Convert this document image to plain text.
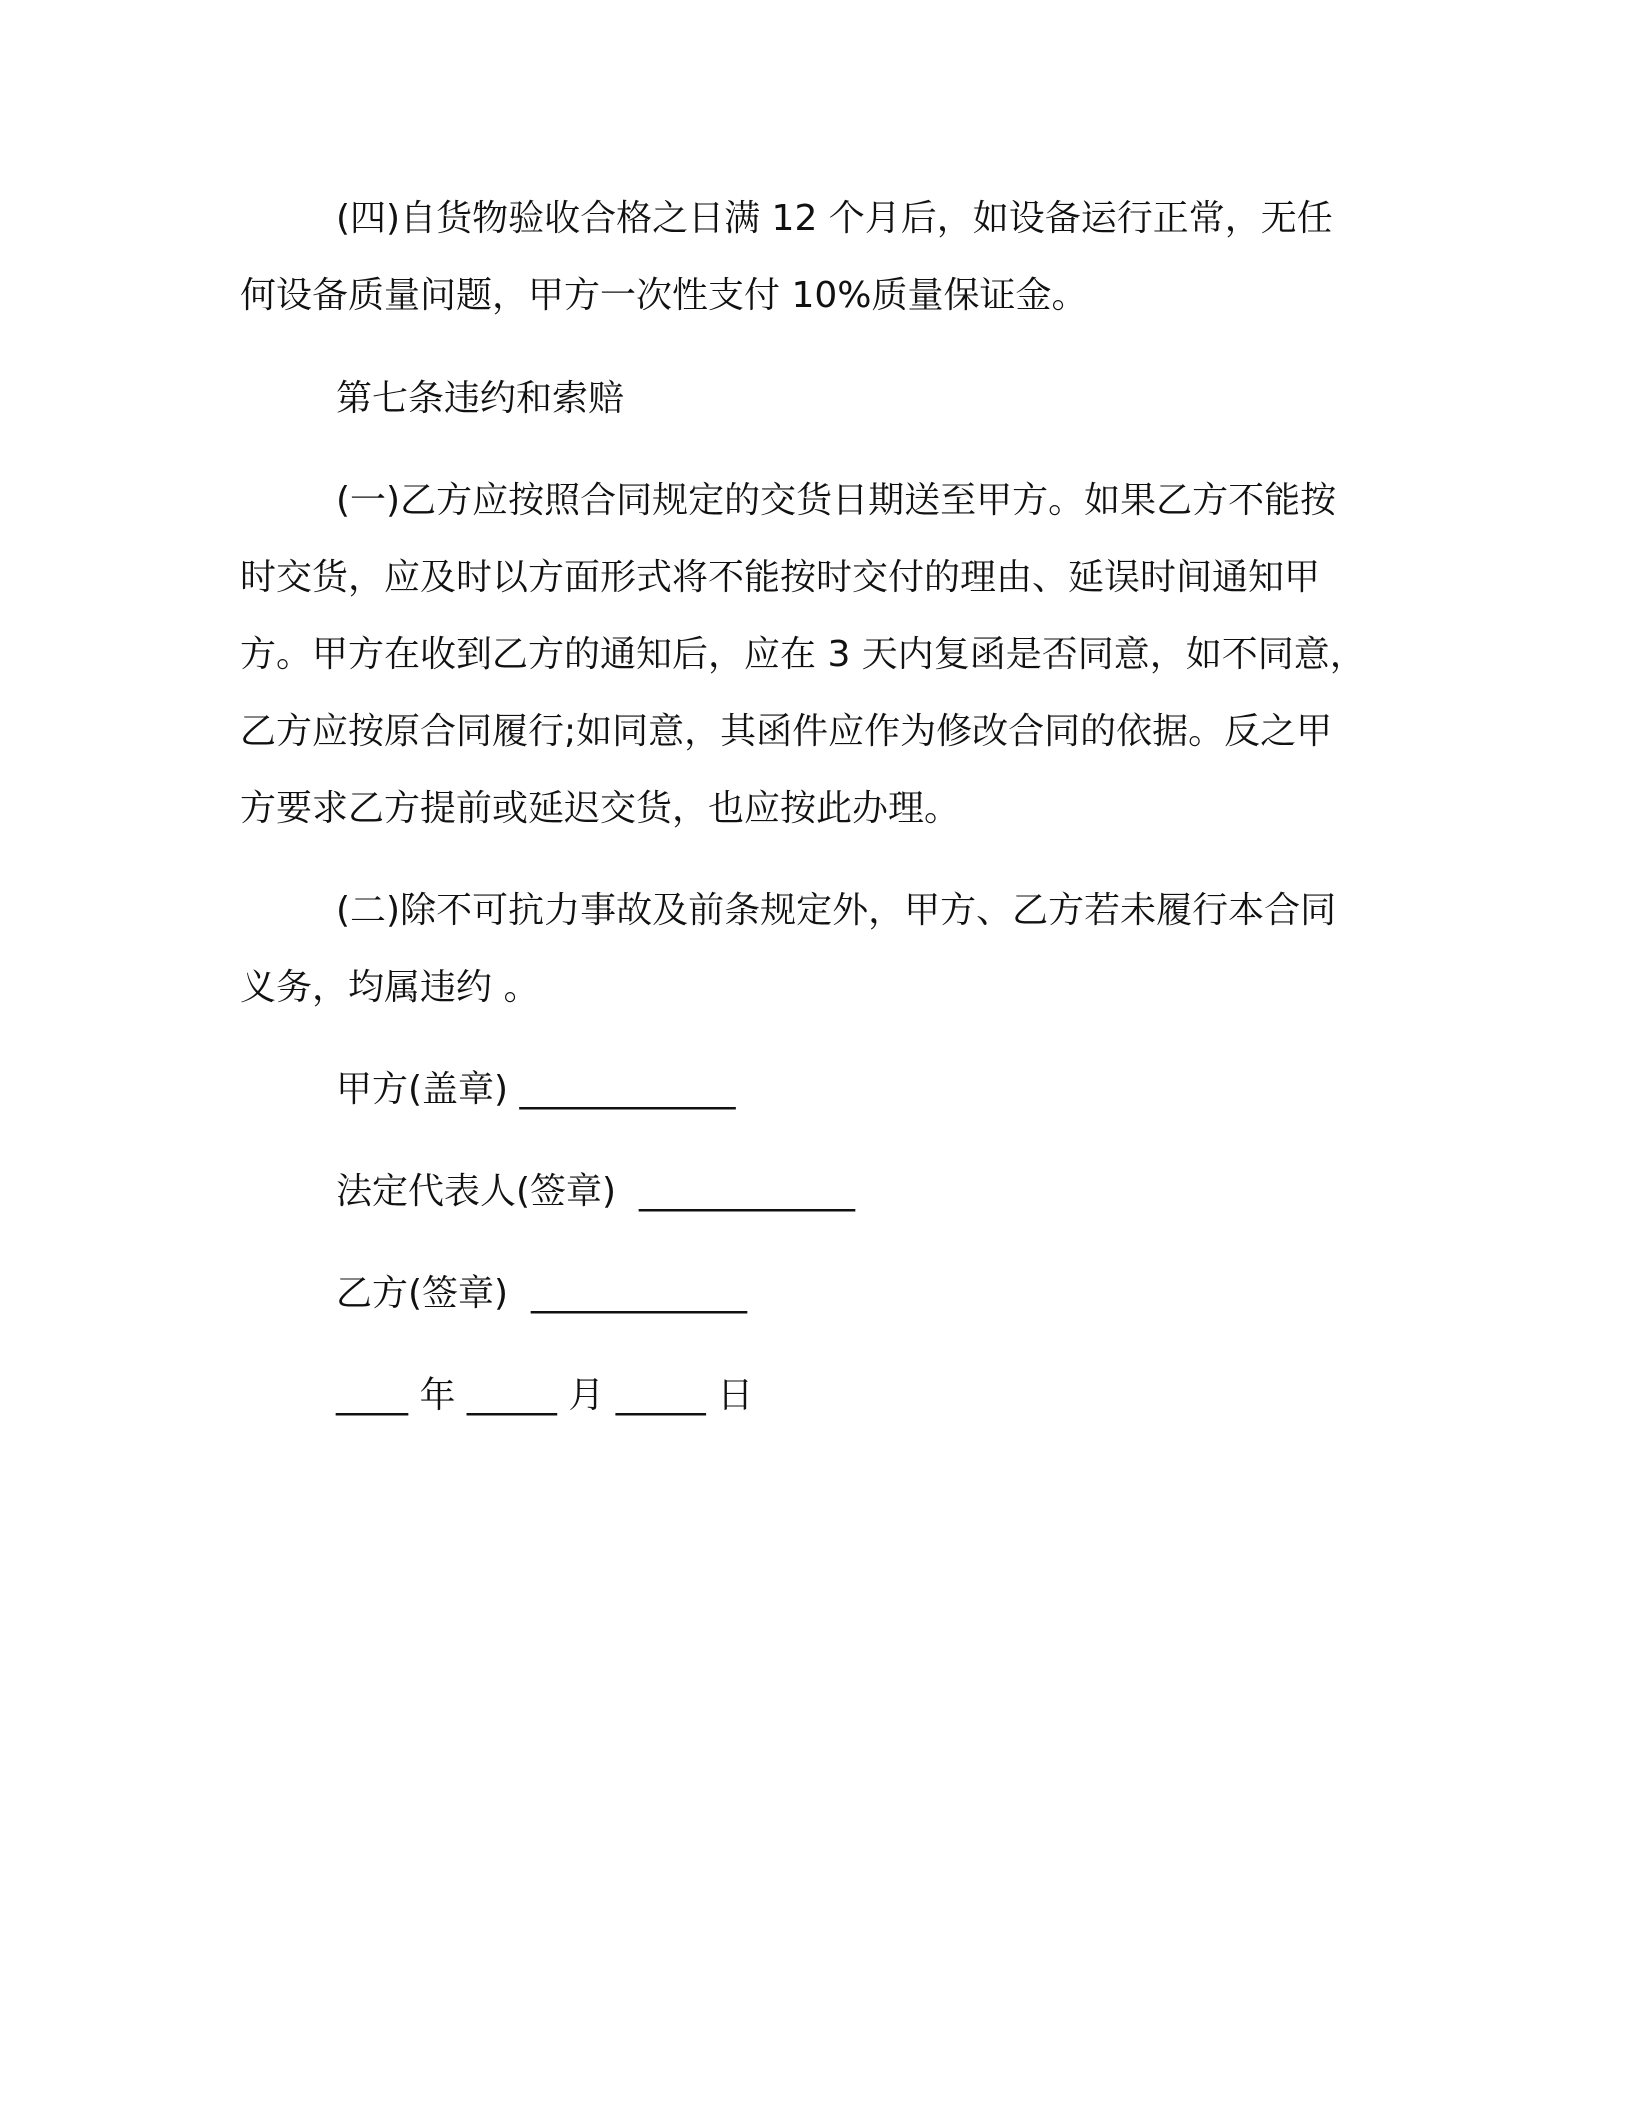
(四)自货物验收合格之日满 12 个月后，如设备运行正常，无任
何设备质量问题，甲方一次性支付 10%质量保证金。

第七条违约和索赔

(一)乙方应按照合同规定的交货日期送至甲方。如果乙方不能按
时交货，应及时以方面形式将不能按时交付的理由、延误时间通知甲
方。甲方在收到乙方的通知后，应在 3 天内复函是否同意，如不同意，
乙方应按原合同履行;如同意，其函件应作为修改合同的依据。反之甲
方要求乙方提前或延迟交货，也应按此办理。

(二)除不可抗力事故及前条规定外，甲方、乙方若未履行本合同
义务，均属违约 。

甲方(盖章) ____________
法定代表人(签章)  ____________
乙方(签章)  ____________
____ 年 _____ 月 _____ 日
